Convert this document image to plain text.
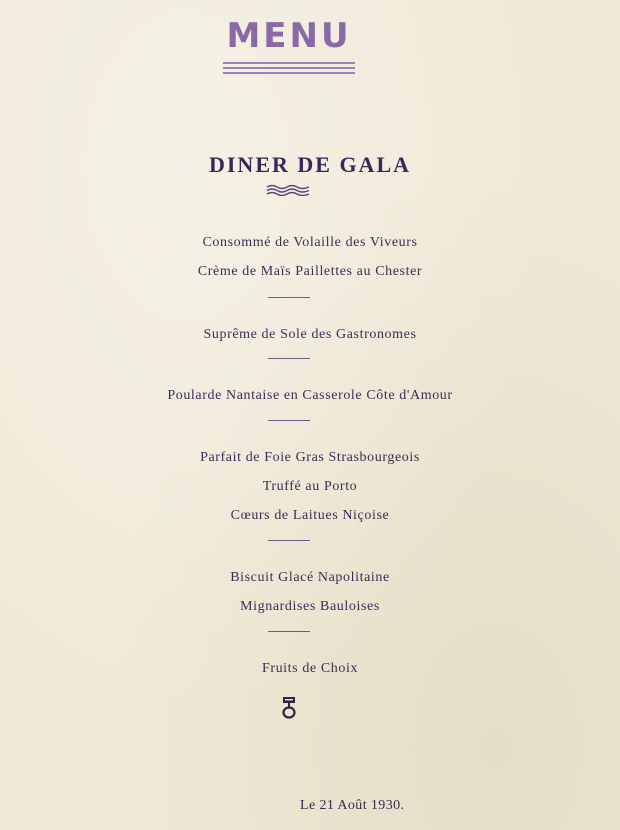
MENU
DINER DE GALA
Consommé de Volaille des Viveurs
Crème de Maïs Paillettes au Chester
Suprême de Sole des Gastronomes
Poularde Nantaise en Casserole Côte d'Amour
Parfait de Foie Gras Strasbourgeois
Truffé au Porto
Cœurs de Laitues Niçoise
Biscuit Glacé Napolitaine
Mignardises Bauloises
Fruits de Choix
Le 21 Août 1930.
